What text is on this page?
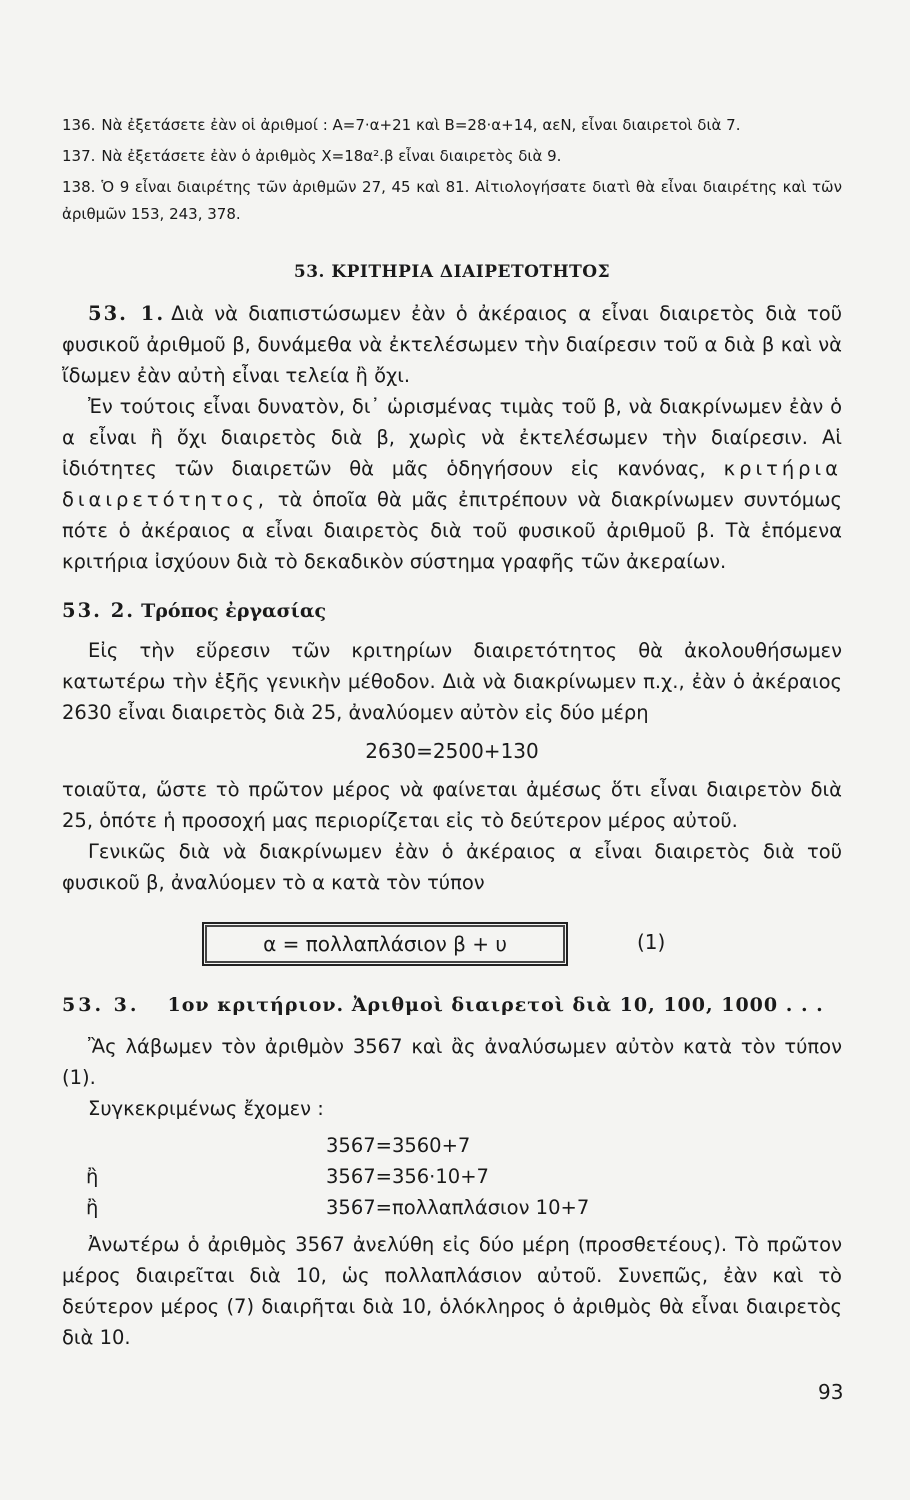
136. Νὰ ἐξετάσετε ἐὰν οἱ ἀριθμοί : A=7·α+21 καὶ B=28·α+14, αεN, εἶναι διαιρετοὶ διὰ 7.

137. Νὰ ἐξετάσετε ἐὰν ὁ ἀριθμὸς X=18α².β εἶναι διαιρετὸς διὰ 9.

138. Ὁ 9 εἶναι διαιρέτης τῶν ἀριθμῶν 27, 45 καὶ 81. Αἰτιολογήσατε διατὶ θὰ εἶναι διαιρέτης καὶ τῶν ἀριθμῶν 153, 243, 378.

53. ΚΡΙΤΗΡΙΑ ΔΙΑΙΡΕΤΟΤΗΤΟΣ

53. 1. Διὰ νὰ διαπιστώσωμεν ἐὰν ὁ ἀκέραιος α εἶναι διαιρετὸς διὰ τοῦ φυσικοῦ ἀριθμοῦ β, δυνάμεθα νὰ ἐκτελέσωμεν τὴν διαίρεσιν τοῦ α διὰ β καὶ νὰ ἴδωμεν ἐὰν αὐτὴ εἶναι τελεία ἢ ὄχι.

Ἐν τούτοις εἶναι δυνατὸν, δι᾽ ὡρισμένας τιμὰς τοῦ β, νὰ διακρίνωμεν ἐὰν ὁ α εἶναι ἢ ὄχι διαιρετὸς διὰ β, χωρὶς νὰ ἐκτελέσωμεν τὴν διαίρεσιν. Αἱ ἰδιότητες τῶν διαιρετῶν θὰ μᾶς ὁδηγήσουν εἰς κανόνας, κριτήρια διαιρετότητος, τὰ ὁποῖα θὰ μᾶς ἐπιτρέπουν νὰ διακρίνωμεν συντόμως πότε ὁ ἀκέραιος α εἶναι διαιρετὸς διὰ τοῦ φυσικοῦ ἀριθμοῦ β. Τὰ ἑπόμενα κριτήρια ἰσχύουν διὰ τὸ δεκαδικὸν σύστημα γραφῆς τῶν ἀκεραίων.

53. 2. Τρόπος ἐργασίας

Εἰς τὴν εὕρεσιν τῶν κριτηρίων διαιρετότητος θὰ ἀκολουθήσωμεν κατωτέρω τὴν ἑξῆς γενικὴν μέθοδον. Διὰ νὰ διακρίνωμεν π.χ., ἐὰν ὁ ἀκέραιος 2630 εἶναι διαιρετὸς διὰ 25, ἀναλύομεν αὐτὸν εἰς δύο μέρη

2630=2500+130

τοιαῦτα, ὥστε τὸ πρῶτον μέρος νὰ φαίνεται ἀμέσως ὅτι εἶναι διαιρετὸν διὰ 25, ὁπότε ἡ προσοχή μας περιορίζεται εἰς τὸ δεύτερον μέρος αὐτοῦ.

Γενικῶς διὰ νὰ διακρίνωμεν ἐὰν ὁ ἀκέραιος α εἶναι διαιρετὸς διὰ τοῦ φυσικοῦ β, ἀναλύομεν τὸ α κατὰ τὸν τύπον

α = πολλαπλάσιον β + υ	(1)
53. 3. 1ον κριτήριον. Ἀριθμοὶ διαιρετοὶ διὰ 10, 100, 1000 . . .

Ἂς λάβωμεν τὸν ἀριθμὸν 3567 καὶ ἂς ἀναλύσωμεν αὐτὸν κατὰ τὸν τύπον (1).

Συγκεκριμένως ἔχομεν :

3567=3560+7
ἢ	3567=356·10+7
ἢ	3567=πολλαπλάσιον 10+7

Ἀνωτέρω ὁ ἀριθμὸς 3567 ἀνελύθη εἰς δύο μέρη (προσθετέους). Τὸ πρῶτον μέρος διαιρεῖται διὰ 10, ὡς πολλαπλάσιον αὐτοῦ. Συνεπῶς, ἐὰν καὶ τὸ δεύτερον μέρος (7) διαιρῆται διὰ 10, ὁλόκληρος ὁ ἀριθμὸς θὰ εἶναι διαιρετὸς διὰ 10.

93
